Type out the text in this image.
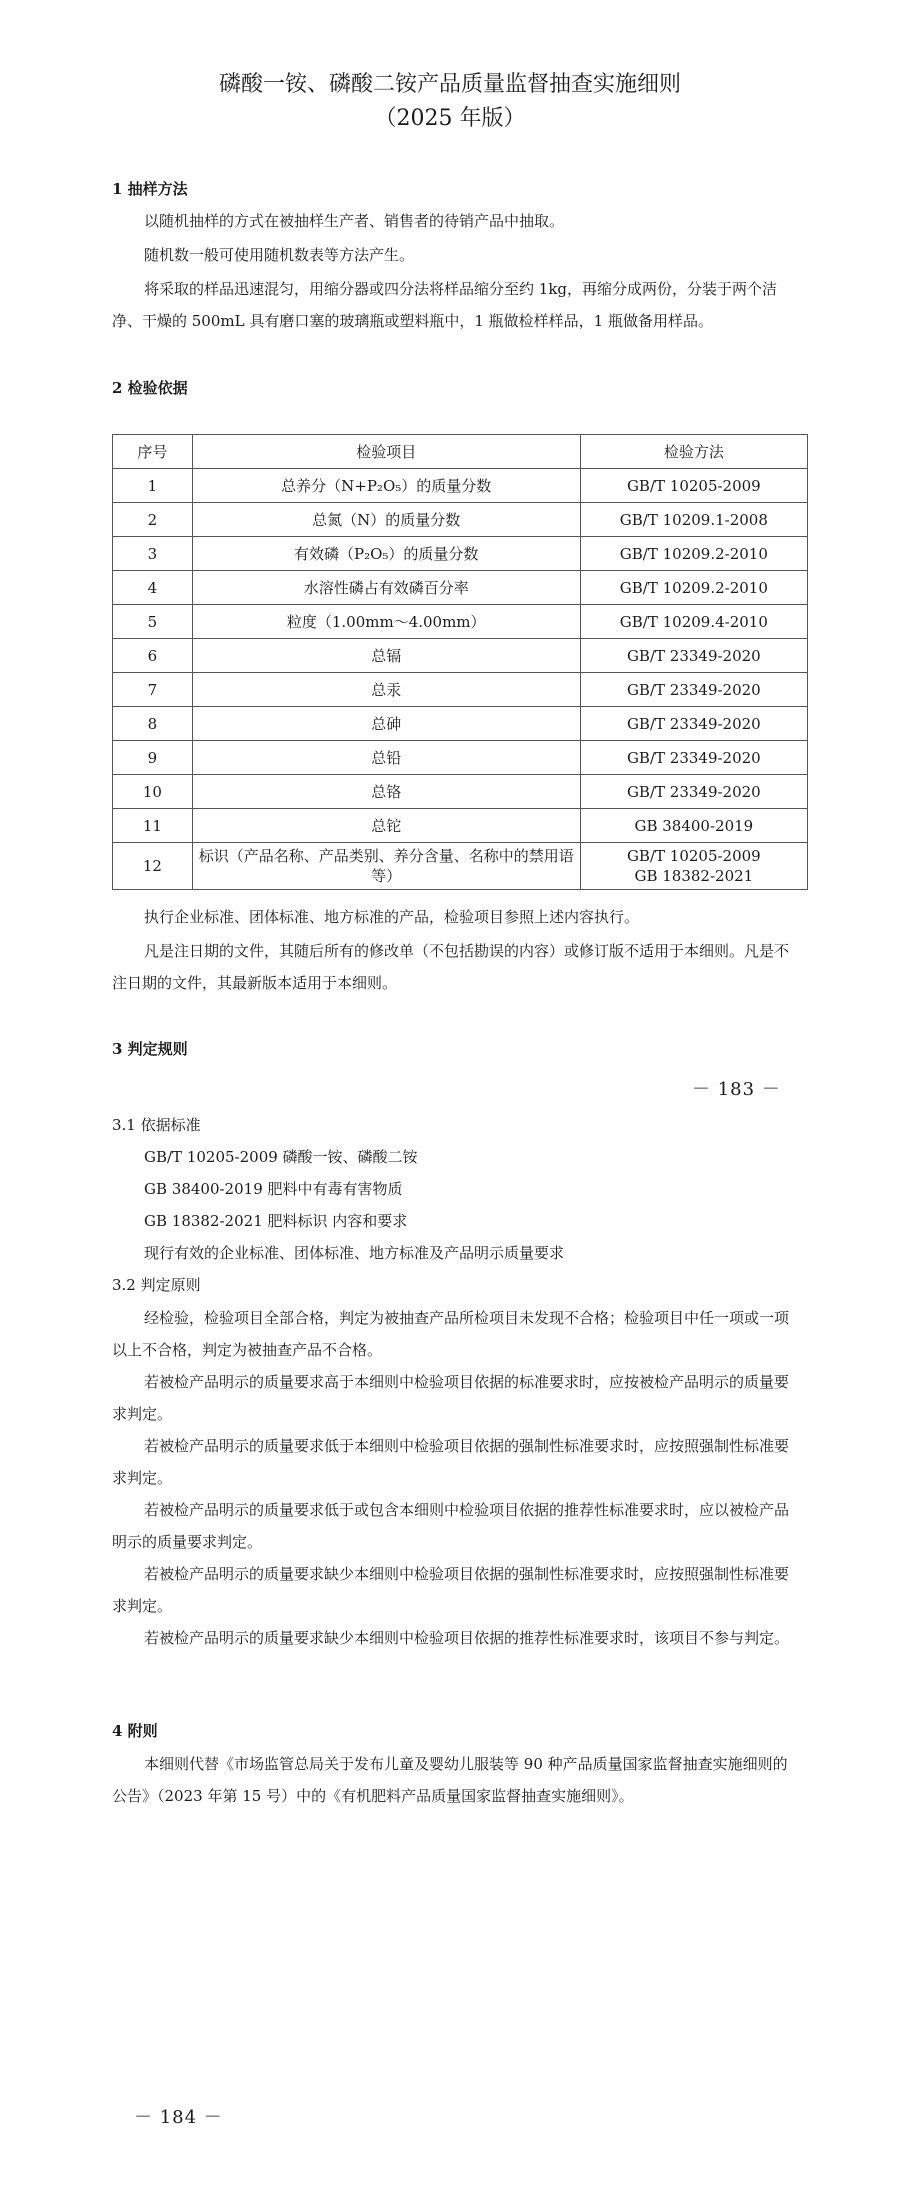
磷酸一铵、磷酸二铵产品质量监督抽查实施细则
（2025 年版）
1 抽样方法
以随机抽样的方式在被抽样生产者、销售者的待销产品中抽取。
随机数一般可使用随机数表等方法产生。
将采取的样品迅速混匀，用缩分器或四分法将样品缩分至约 1kg，再缩分成两份，分装于两个洁净、干燥的 500mL 具有磨口塞的玻璃瓶或塑料瓶中，1 瓶做检样样品，1 瓶做备用样品。
2 检验依据
序号	检验项目	检验方法
1	总养分（N+P₂O₅）的质量分数	GB/T 10205-2009
2	总氮（N）的质量分数	GB/T 10209.1-2008
3	有效磷（P₂O₅）的质量分数	GB/T 10209.2-2010
4	水溶性磷占有效磷百分率	GB/T 10209.2-2010
5	粒度（1.00mm～4.00mm）	GB/T 10209.4-2010
6	总镉	GB/T 23349-2020
7	总汞	GB/T 23349-2020
8	总砷	GB/T 23349-2020
9	总铅	GB/T 23349-2020
10	总铬	GB/T 23349-2020
11	总铊	GB 38400-2019
12	标识（产品名称、产品类别、养分含量、名称中的禁用语等）	GB/T 10205-2009
GB 18382-2021
执行企业标准、团体标准、地方标准的产品，检验项目参照上述内容执行。
凡是注日期的文件，其随后所有的修改单（不包括勘误的内容）或修订版不适用于本细则。凡是不注日期的文件，其最新版本适用于本细则。
3 判定规则
－ 183 －
3.1 依据标准
GB/T 10205-2009 磷酸一铵、磷酸二铵
GB 38400-2019 肥料中有毒有害物质
GB 18382-2021 肥料标识 内容和要求
现行有效的企业标准、团体标准、地方标准及产品明示质量要求
3.2 判定原则
经检验，检验项目全部合格，判定为被抽查产品所检项目未发现不合格；检验项目中任一项或一项以上不合格，判定为被抽查产品不合格。
若被检产品明示的质量要求高于本细则中检验项目依据的标准要求时，应按被检产品明示的质量要求判定。
若被检产品明示的质量要求低于本细则中检验项目依据的强制性标准要求时，应按照强制性标准要求判定。
若被检产品明示的质量要求低于或包含本细则中检验项目依据的推荐性标准要求时，应以被检产品明示的质量要求判定。
若被检产品明示的质量要求缺少本细则中检验项目依据的强制性标准要求时，应按照强制性标准要求判定。
若被检产品明示的质量要求缺少本细则中检验项目依据的推荐性标准要求时，该项目不参与判定。
4 附则
本细则代替《市场监管总局关于发布儿童及婴幼儿服装等 90 种产品质量国家监督抽查实施细则的公告》（2023 年第 15 号）中的《有机肥料产品质量国家监督抽查实施细则》。
－ 184 －
